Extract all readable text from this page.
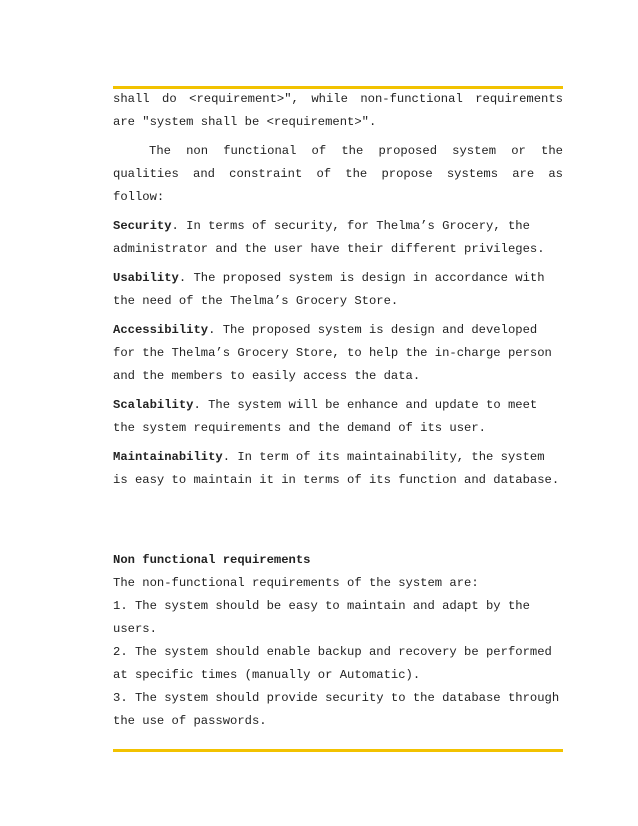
shall do <requirement>", while non-functional requirements

are "system shall be <requirement>".

The non functional of the proposed system or the qualities and constraint of the propose systems are as follow:

Security. In terms of security, for Thelma’s Grocery, the administrator and the user have their different privileges.

Usability. The proposed system is design in accordance with the need of the Thelma’s Grocery Store.

Accessibility. The proposed system is design and developed for the Thelma’s Grocery Store, to help the in-charge person and the members to easily access the data.

Scalability. The system will be enhance and update to meet the system requirements and the demand of its user.

Maintainability. In term of its maintainability, the system is easy to maintain it in terms of its function and database.

Non functional requirements

The non-functional requirements of the system are:

1. The system should be easy to maintain and adapt by the users.

2. The system should enable backup and recovery be performed at specific times (manually or Automatic).

3. The system should provide security to the database through the use of passwords.
